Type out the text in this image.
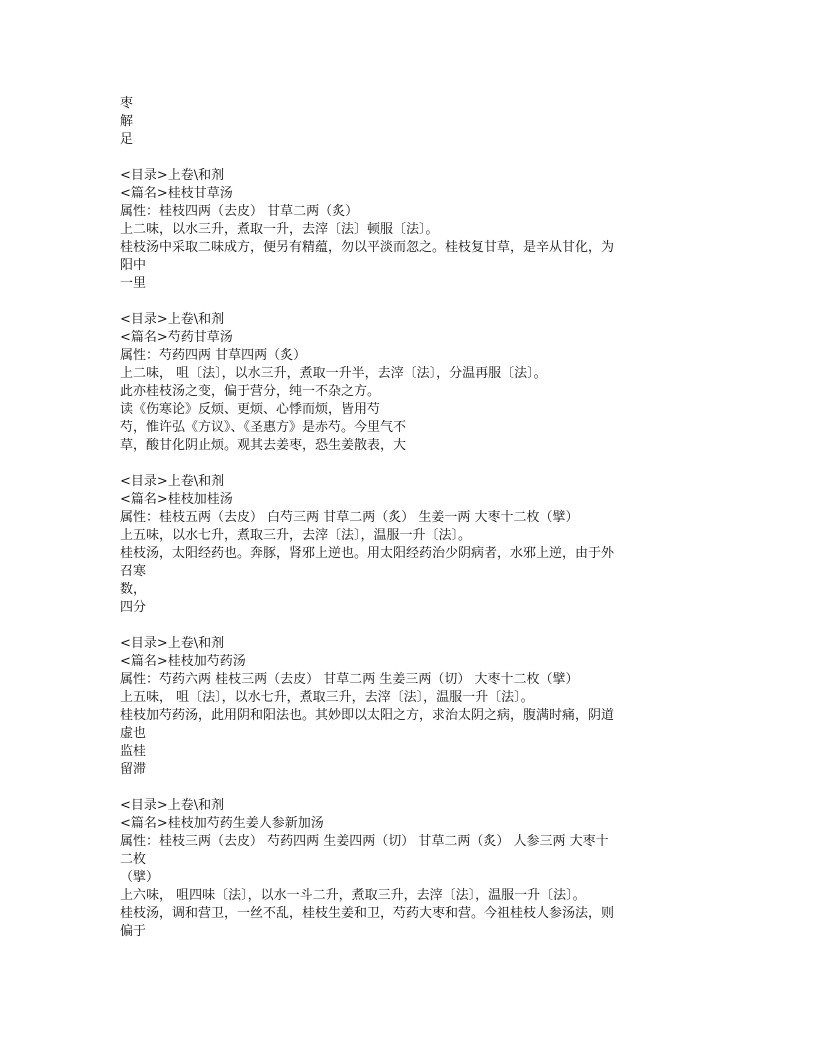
枣
解
足
<目录>上卷\和剂
<篇名>桂枝甘草汤
属性：桂枝四两（去皮） 甘草二两（炙）
上二味，以水三升，煮取一升，去滓〔法〕顿服〔法〕。
桂枝汤中采取二味成方，便另有精蕴，勿以平淡而忽之。桂枝复甘草，是辛从甘化，为
阳中
一里
<目录>上卷\和剂
<篇名>芍药甘草汤
属性：芍药四两 甘草四两（炙）
上二味， 咀〔法〕，以水三升，煮取一升半，去滓〔法〕，分温再服〔法〕。
此亦桂枝汤之变，偏于营分，纯一不杂之方。
读《伤寒论》反烦、更烦、心悸而烦，皆用芍
芍，惟许弘《方议》、《圣惠方》是赤芍。今里气不
草，酸甘化阴止烦。观其去姜枣，恐生姜散表，大
<目录>上卷\和剂
<篇名>桂枝加桂汤
属性：桂枝五两（去皮） 白芍三两 甘草二两（炙） 生姜一两 大枣十二枚（擘）
上五味，以水七升，煮取三升，去滓〔法〕，温服一升〔法〕。
桂枝汤，太阳经药也。奔豚，肾邪上逆也。用太阳经药治少阴病者，水邪上逆，由于外
召寒
数，
四分
<目录>上卷\和剂
<篇名>桂枝加芍药汤
属性：芍药六两 桂枝三两（去皮） 甘草二两 生姜三两（切） 大枣十二枚（擘）
上五味， 咀〔法〕，以水七升，煮取三升，去滓〔法〕，温服一升〔法〕。
桂枝加芍药汤，此用阴和阳法也。其妙即以太阳之方，求治太阴之病，腹满时痛，阴道
虚也
监桂
留滞
<目录>上卷\和剂
<篇名>桂枝加芍药生姜人参新加汤
属性：桂枝三两（去皮） 芍药四两 生姜四两（切） 甘草二两（炙） 人参三两 大枣十
二枚
（擘）
上六味， 咀四味〔法〕，以水一斗二升，煮取三升，去滓〔法〕，温服一升〔法〕。
桂枝汤，调和营卫，一丝不乱，桂枝生姜和卫，芍药大枣和营。今祖桂枝人参汤法，则
偏于
